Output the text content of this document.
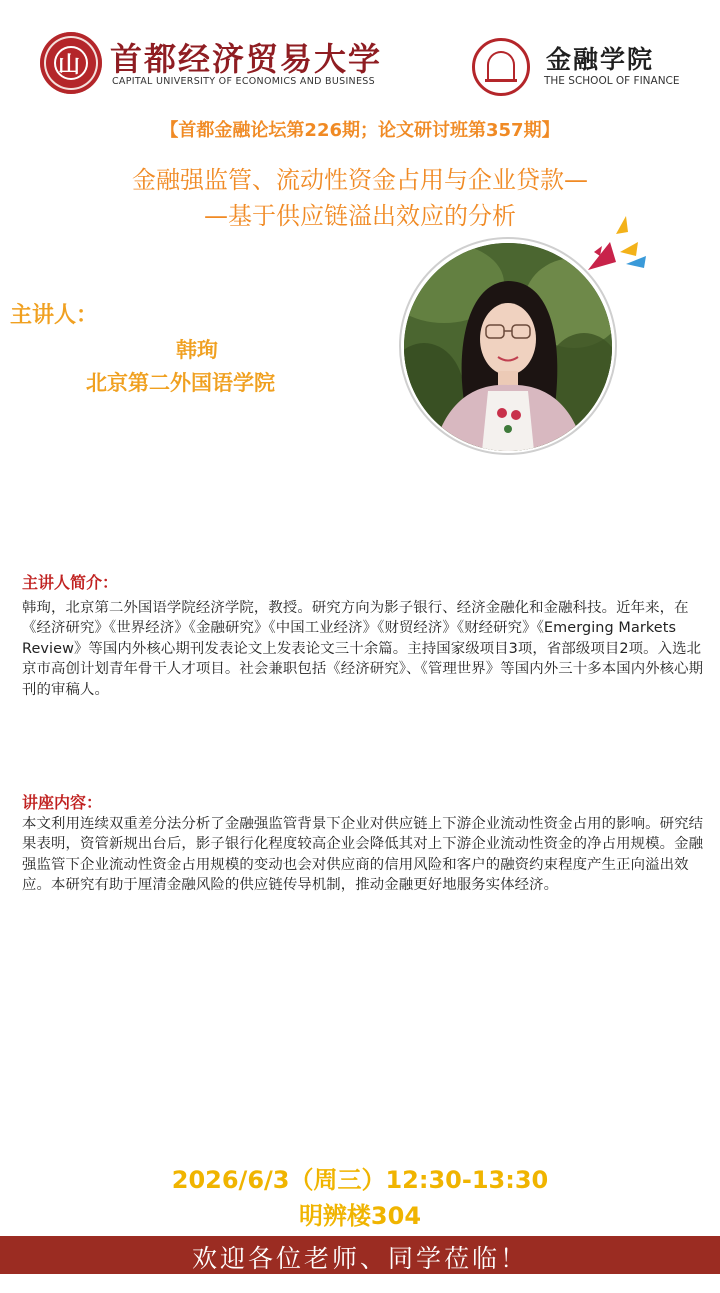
山 首都经济贸易大学
CAPITAL UNIVERSITY OF ECONOMICS AND BUSINESS
金融学院
THE SCHOOL OF FINANCE
【首都金融论坛第226期；论文研讨班第357期】
金融强监管、流动性资金占用与企业贷款—
—基于供应链溢出效应的分析
主讲人：
韩珣
北京第二外国语学院
主讲人简介：
韩珣，北京第二外国语学院经济学院，教授。研究方向为影子银行、经济金融化和金融科技。近年来，在《经济研究》《世界经济》《金融研究》《中国工业经济》《财贸经济》《财经研究》《Emerging Markets Review》等国内外核心期刊发表论文上发表论文三十余篇。主持国家级项目3项，省部级项目2项。入选北京市高创计划青年骨干人才项目。社会兼职包括《经济研究》、《管理世界》等国内外三十多本国内外核心期刊的审稿人。
讲座内容：
本文利用连续双重差分法分析了金融强监管背景下企业对供应链上下游企业流动性资金占用的影响。研究结果表明，资管新规出台后，影子银行化程度较高企业会降低其对上下游企业流动性资金的净占用规模。金融强监管下企业流动性资金占用规模的变动也会对供应商的信用风险和客户的融资约束程度产生正向溢出效应。本研究有助于厘清金融风险的供应链传导机制，推动金融更好地服务实体经济。
2026/6/3（周三）12:30-13:30
明辨楼304
欢迎各位老师、同学莅临！
